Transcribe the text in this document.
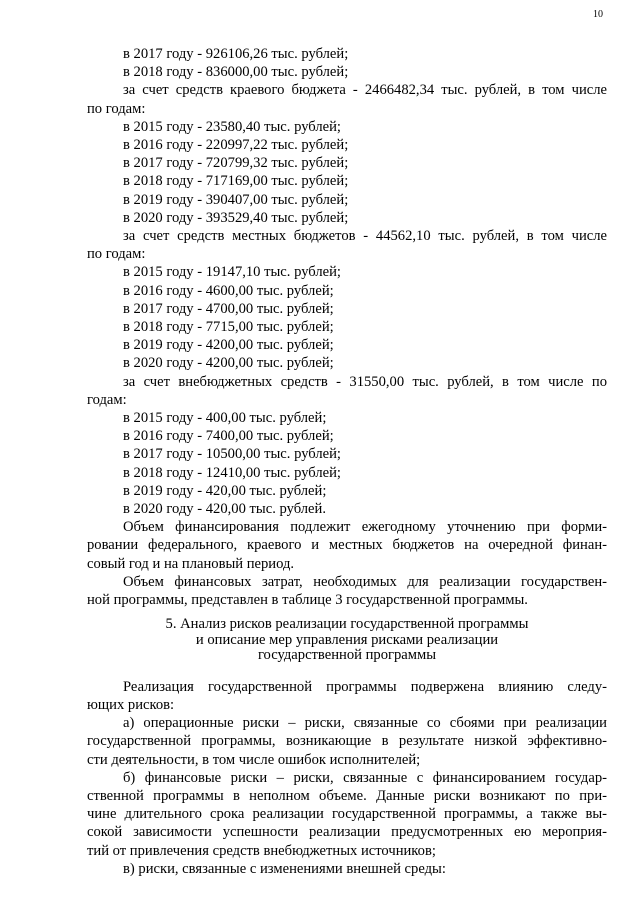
10
в 2017 году - 926106,26 тыс. рублей;
в 2018 году - 836000,00 тыс. рублей;
за счет средств краевого бюджета - 2466482,34 тыс. рублей, в том числе
по годам:
в 2015 году - 23580,40 тыс. рублей;
в 2016 году - 220997,22 тыс. рублей;
в 2017 году - 720799,32 тыс. рублей;
в 2018 году - 717169,00 тыс. рублей;
в 2019 году - 390407,00 тыс. рублей;
в 2020 году - 393529,40 тыс. рублей;
за счет средств местных бюджетов - 44562,10 тыс. рублей, в том числе
по годам:
в 2015 году - 19147,10 тыс. рублей;
в 2016 году - 4600,00 тыс. рублей;
в 2017 году - 4700,00 тыс. рублей;
в 2018 году - 7715,00 тыс. рублей;
в 2019 году - 4200,00 тыс. рублей;
в 2020 году - 4200,00 тыс. рублей;
за счет внебюджетных средств - 31550,00 тыс. рублей, в том числе по
годам:
в 2015 году - 400,00 тыс. рублей;
в 2016 году - 7400,00 тыс. рублей;
в 2017 году - 10500,00 тыс. рублей;
в 2018 году - 12410,00 тыс. рублей;
в 2019 году - 420,00 тыс. рублей;
в 2020 году - 420,00 тыс. рублей.
Объем финансирования подлежит ежегодному уточнению при форми-
ровании федерального, краевого и местных бюджетов на очередной финан-
совый год и на плановый период.
Объем финансовых затрат, необходимых для реализации государствен-
ной программы, представлен в таблице 3 государственной программы.
5. Анализ рисков реализации государственной программы
и описание мер управления рисками реализации
государственной программы
Реализация государственной программы подвержена влиянию следу-
ющих рисков:
а) операционные риски – риски, связанные со сбоями при реализации
государственной программы, возникающие в результате низкой эффективно-
сти деятельности, в том числе ошибок исполнителей;
б) финансовые риски – риски, связанные с финансированием государ-
ственной программы в неполном объеме. Данные риски возникают по при-
чине длительного срока реализации государственной программы, а также вы-
сокой зависимости успешности реализации предусмотренных ею мероприя-
тий от привлечения средств внебюджетных источников;
в) риски, связанные с изменениями внешней среды:
